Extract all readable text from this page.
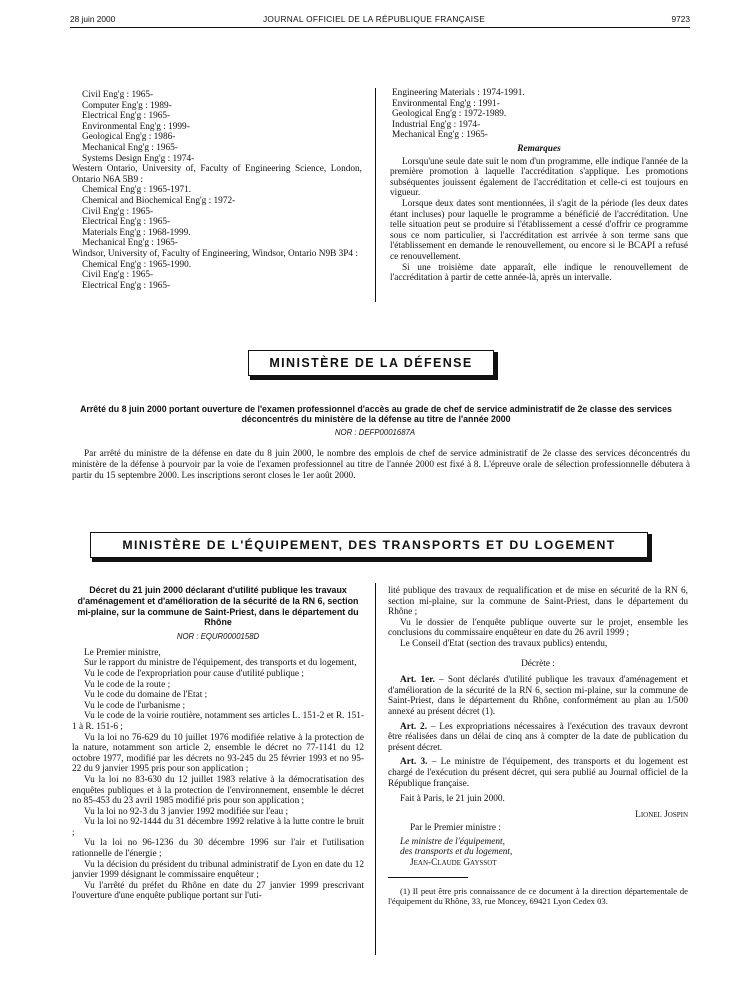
28 juin 2000	JOURNAL OFFICIEL DE LA RÉPUBLIQUE FRANÇAISE	9723

Civil Eng'g : 1965-

Computer Eng'g : 1989-

Electrical Eng'g : 1965-

Environmental Eng'g : 1999-

Geological Eng'g : 1986-

Mechanical Eng'g : 1965-

Systems Design Eng'g : 1974-

Western Ontario, University of, Faculty of Engineering Science, London, Ontario N6A 5B9 :

Chemical Eng'g : 1965-1971.

Chemical and Biochemical Eng'g : 1972-

Civil Eng'g : 1965-

Electrical Eng'g : 1965-

Materials Eng'g : 1968-1999.

Mechanical Eng'g : 1965-

Windsor, University of, Faculty of Engineering, Windsor, Ontario N9B 3P4 :

Chemical Eng'g : 1965-1990.

Civil Eng'g : 1965-

Electrical Eng'g : 1965-

Engineering Materials : 1974-1991.

Environmental Eng'g : 1991-

Geological Eng'g : 1972-1989.

Industrial Eng'g : 1974-

Mechanical Eng'g : 1965-

Remarques

Lorsqu'une seule date suit le nom d'un programme, elle indique l'année de la première promotion à laquelle l'accréditation s'applique. Les promotions subséquentes jouissent également de l'accréditation et celle-ci est toujours en vigueur.

Lorsque deux dates sont mentionnées, il s'agit de la période (les deux dates étant incluses) pour laquelle le programme a bénéficié de l'accréditation. Une telle situation peut se produire si l'établissement a cessé d'offrir ce programme sous ce nom particulier, si l'accréditation est arrivée à son terme sans que l'établissement en demande le renouvellement, ou encore si le BCAPI a refusé ce renouvellement.

Si une troisième date apparaît, elle indique le renouvellement de l'accréditation à partir de cette année-là, après un intervalle.

MINISTÈRE DE LA DÉFENSE
Arrêté du 8 juin 2000 portant ouverture de l'examen professionnel d'accès au grade de chef de service administratif de 2e classe des services déconcentrés du ministère de la défense au titre de l'année 2000
NOR : DEFP0001687A
Par arrêté du ministre de la défense en date du 8 juin 2000, le nombre des emplois de chef de service administratif de 2e classe des services déconcentrés du ministère de la défense à pourvoir par la voie de l'examen professionnel au titre de l'année 2000 est fixé à 8. L'épreuve orale de sélection professionnelle débutera à partir du 15 septembre 2000. Les inscriptions seront closes le 1er août 2000.
MINISTÈRE DE L'ÉQUIPEMENT, DES TRANSPORTS ET DU LOGEMENT

Décret du 21 juin 2000 déclarant d'utilité publique les travaux d'aménagement et d'amélioration de la sécurité de la RN 6, section mi-plaine, sur la commune de Saint-Priest, dans le département du Rhône

NOR : EQUR0000158D

Le Premier ministre,

Sur le rapport du ministre de l'équipement, des transports et du logement,

Vu le code de l'expropriation pour cause d'utilité publique ;

Vu le code de la route ;

Vu le code du domaine de l'Etat ;

Vu le code de l'urbanisme ;

Vu le code de la voirie routière, notamment ses articles L. 151-2 et R. 151-1 à R. 151-6 ;

Vu la loi no 76-629 du 10 juillet 1976 modifiée relative à la protection de la nature, notamment son article 2, ensemble le décret no 77-1141 du 12 octobre 1977, modifié par les décrets no 93-245 du 25 février 1993 et no 95-22 du 9 janvier 1995 pris pour son application ;

Vu la loi no 83-630 du 12 juillet 1983 relative à la démocratisation des enquêtes publiques et à la protection de l'environnement, ensemble le décret no 85-453 du 23 avril 1985 modifié pris pour son application ;

Vu la loi no 92-3 du 3 janvier 1992 modifiée sur l'eau ;

Vu la loi no 92-1444 du 31 décembre 1992 relative à la lutte contre le bruit ;

Vu la loi no 96-1236 du 30 décembre 1996 sur l'air et l'utilisation rationnelle de l'énergie ;

Vu la décision du président du tribunal administratif de Lyon en date du 12 janvier 1999 désignant le commissaire enquêteur ;

Vu l'arrêté du préfet du Rhône en date du 27 janvier 1999 prescrivant l'ouverture d'une enquête publique portant sur l'uti-

lité publique des travaux de requalification et de mise en sécurité de la RN 6, section mi-plaine, sur la commune de Saint-Priest, dans le département du Rhône ;

Vu le dossier de l'enquête publique ouverte sur le projet, ensemble les conclusions du commissaire enquêteur en date du 26 avril 1999 ;

Le Conseil d'Etat (section des travaux publics) entendu,

Décrète :

Art. 1er. – Sont déclarés d'utilité publique les travaux d'aménagement et d'amélioration de la sécurité de la RN 6, section mi-plaine, sur la commune de Saint-Priest, dans le département du Rhône, conformément au plan au 1/500 annexé au présent décret (1).

Art. 2. – Les expropriations nécessaires à l'exécution des travaux devront être réalisées dans un délai de cinq ans à compter de la date de publication du présent décret.

Art. 3. – Le ministre de l'équipement, des transports et du logement est chargé de l'exécution du présent décret, qui sera publié au Journal officiel de la République française.

Fait à Paris, le 21 juin 2000.

Lionel Jospin

Par le Premier ministre :

Le ministre de l'équipement,

des transports et du logement,

Jean-Claude Gayssot

(1) Il peut être pris connaissance de ce document à la direction départementale de l'équipement du Rhône, 33, rue Moncey, 69421 Lyon Cedex 03.
